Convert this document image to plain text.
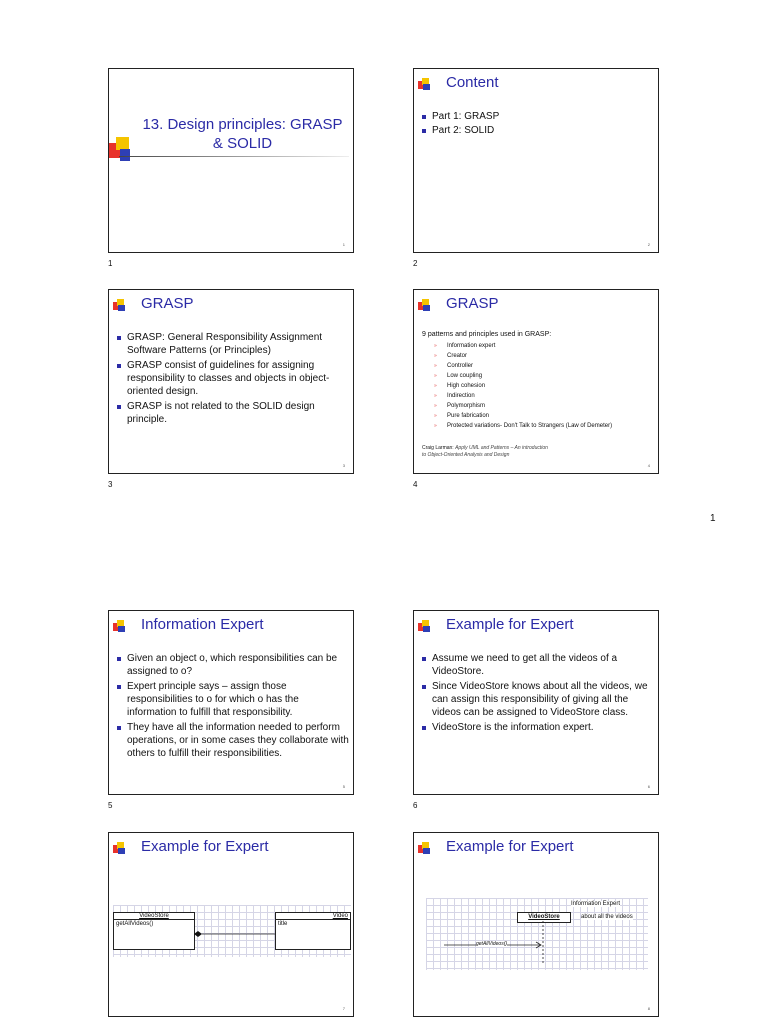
13. Design principles: GRASP
& SOLID
1
1
Content
Part 1: GRASP
Part 2: SOLID
2
2
GRASP
GRASP: General Responsibility Assignment Software Patterns (or Principles)
GRASP consist of guidelines for assigning responsibility to classes and objects in object-oriented design.
GRASP is not related to the SOLID design principle.
3
3
GRASP
9 patterns and principles used in GRASP:
» Information expert
» Creator
» Controller
» Low coupling
» High cohesion
» Indirection
» Polymorphism
» Pure fabrication
» Protected variations- Don't Talk to Strangers (Law of Demeter)
Craig Larman: Apply UML and Patterns – An introduction to Object-Oriented Analysis and Design
4
4
1
Information Expert
Given an object o, which responsibilities can be assigned to o?
Expert principle says – assign those responsibilities to o for which o has the information to fulfill that responsibility.
They have all the information needed to perform operations, or in some cases they collaborate with others to fulfill their responsibilities.
5
5
Example for Expert
Assume we need to get all the videos of a VideoStore.
Since VideoStore knows about all the videos, we can assign this responsibility of giving all the videos can be assigned to VideoStore class.
VideoStore is the information expert.
6
6
Example for Expert
VideoStore
getAllVideos()
Video
title
7
Example for Expert
Information Expert
VideoStore	about all the videos
getAllVideos()
8
